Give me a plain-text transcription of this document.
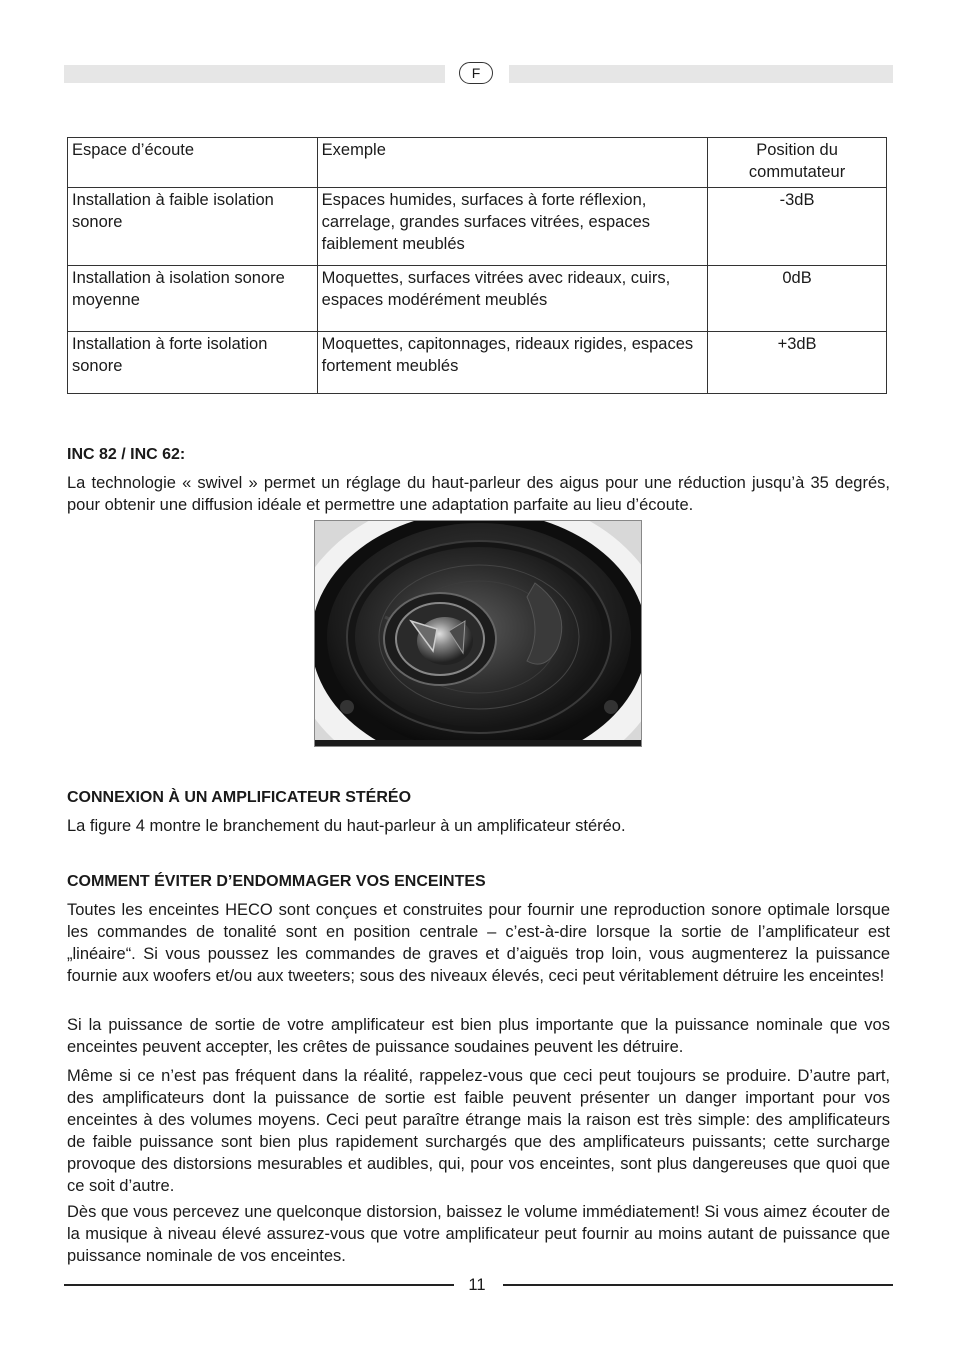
F
Espace d’écoute	Exemple	Position du commutateur
Installation à faible isolation sonore	Espaces humides, surfaces à forte réflexion, carrelage, grandes surfaces vitrées, espaces faiblement meublés	-3dB
Installation à isolation sonore moyenne	Moquettes, surfaces vitrées avec rideaux, cuirs, espaces modérément meublés	0dB
Installation à forte isolation sonore	Moquettes, capitonnages, rideaux rigides, espaces fortement meublés	+3dB
INC 82 / INC 62:

La technologie « swivel » permet un réglage du haut-parleur des aigus pour une réduction jusqu’à 35 degrés, pour obtenir une diffusion idéale et permettre une adaptation parfaite au lieu d’écoute.

CONNEXION À UN AMPLIFICATEUR STÉRÉO

La figure 4 montre le branchement du haut-parleur à un amplificateur stéréo.

COMMENT ÉVITER D’ENDOMMAGER VOS ENCEINTES

Toutes les enceintes HECO sont conçues et construites pour fournir une reproduction sonore optimale lorsque les commandes de tonalité sont en position centrale – c’est-à-dire lorsque la sortie de l’amplificateur est „linéaire“. Si vous poussez les commandes de graves et d’aiguës trop loin, vous augmenterez la puissance fournie aux woofers et/ou aux tweeters; sous des niveaux élevés, ceci peut véritablement détruire les enceintes!

Si la puissance de sortie de votre amplificateur est bien plus importante que la puissance nominale que vos enceintes peuvent accepter, les crêtes de puissance soudaines peuvent les détruire.

Même si ce n’est pas fréquent dans la réalité, rappelez-vous que ceci peut toujours se produire. D’autre part, des amplificateurs dont la puissance de sortie est faible peuvent présenter un danger important pour vos enceintes à des volumes moyens. Ceci peut paraître étrange mais la raison est très simple: des amplificateurs de faible puissance sont bien plus rapidement surchargés que des amplificateurs puissants; cette surcharge provoque des distorsions mesurables et audibles, qui, pour vos enceintes, sont plus dangereuses que quoi que ce soit d’autre.

Dès que vous percevez une quelconque distorsion, baissez le volume immédiatement! Si vous aimez écouter de la musique à niveau élevé assurez-vous que votre amplificateur peut fournir au moins autant de puissance que puissance nominale de vos enceintes.

11
